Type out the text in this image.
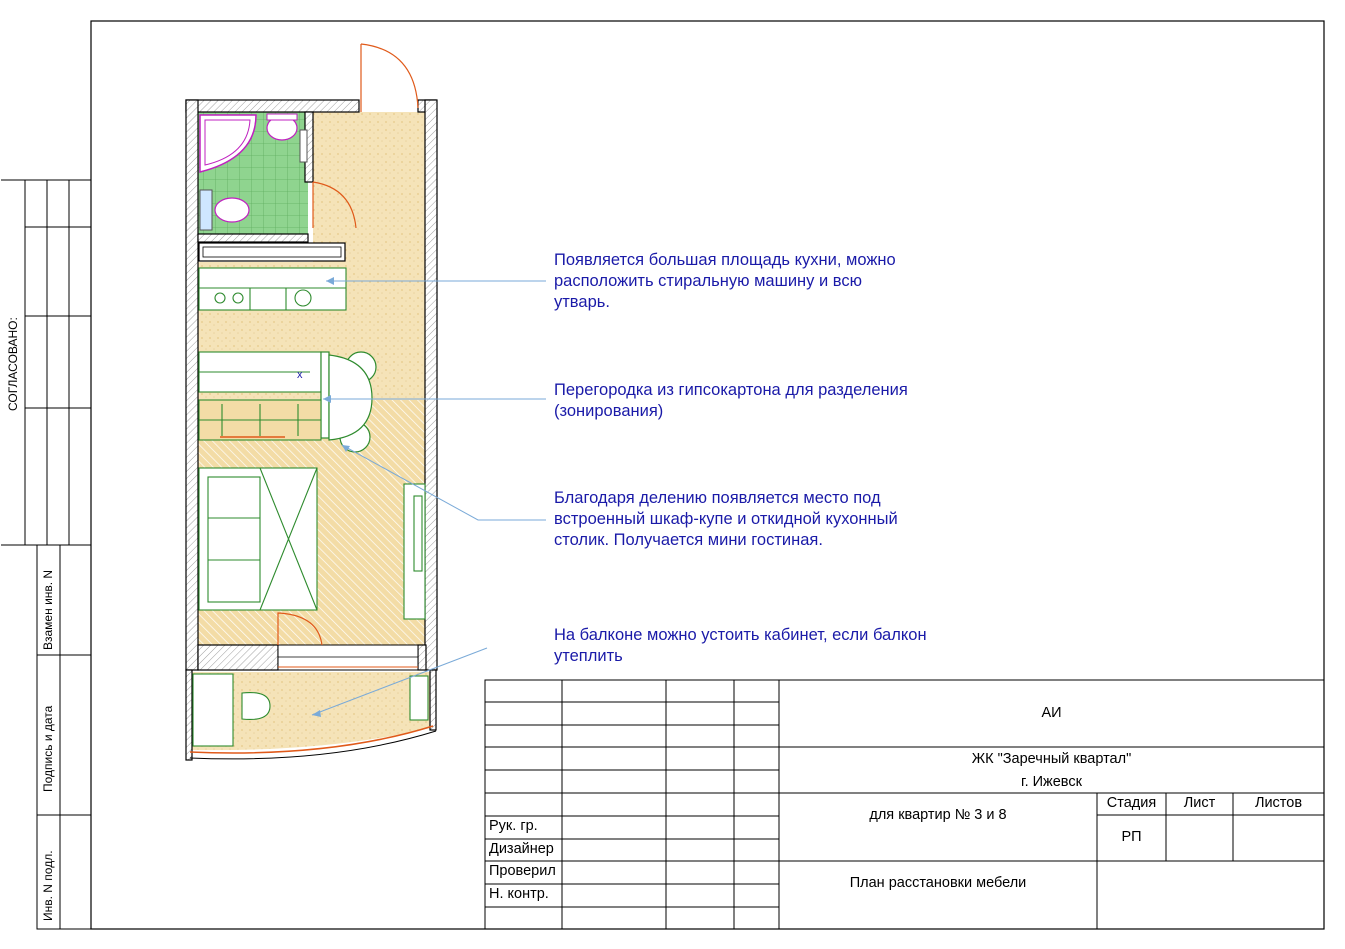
x
СОГЛАСОВАНО:
Взамен инв. N
Подпись и дата
Инв. N подл.
Появляется большая площадь кухни, можно
расположить стиральную машину и всю
утварь.
Перегородка из гипсокартона для разделения
(зонирования)
Благодаря делению появляется место под
встроенный шкаф-купе и откидной кухонный
столик. Получается мини гостиная.
На балконе можно устоить кабинет, если балкон
утеплить
АИ
ЖК "Заречный квартал"
г. Ижевск
для квартир № 3 и 8
Стадия	Лист	Листов
РП
План расстановки мебели
Рук. гр.
Дизайнер
Проверил
Н. контр.
